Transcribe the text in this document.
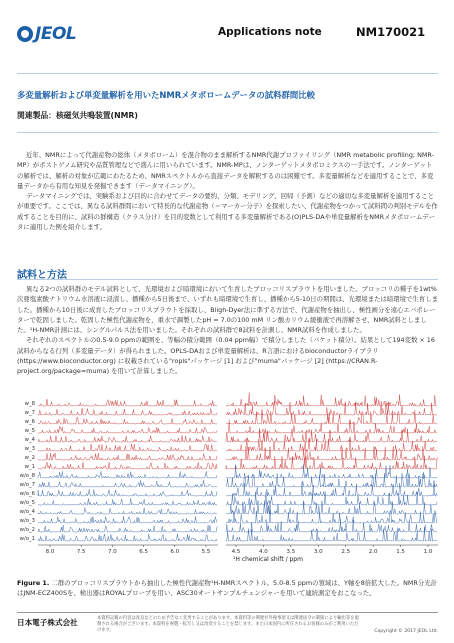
JEOL	Applications note	NM170021
多変量解析および単変量解析を用いたNMRメタボロームデータの試料群間比較
関連製品：核磁気共鳴装置(NMR)

近年、NMRによって代謝産物の総体（メタボローム）を混合物のまま解析するNMR代謝プロファイリング（NMR metabolic profiling; NMR-MP）がポストゲノム研究や品質管理などで盛んに用いられています。NMR-MPは、ノンターゲットメタボロミクスの一手法です。ノンターゲットの解析では、解析の対象が広範にわたるため、NMRスペクトルから直接データを解釈するのは困難です。多変量解析などを適用することで、多変量データから有用な知見を発掘できます（データマイニング）。

データマイニングでは、実験系および目的に合わせてデータの要約、分類、モデリング、回帰（予測）などの適切な多変量解析を適用することが重要です。ここでは、異なる試料群間において特長的な代謝産物（＝マーカー分子）を探索したい、代謝産物をつかって試料間の判別モデルを作成することを目的に、試料の群構造（クラス分け）を目的変数として利用する多変量解析である(O)PLS-DAや単変量解析をNMRメタボロームデータに適用した例を紹介します。

試料と方法

異なる2つの試料群のモデル試料として、光環境および暗環境において生育したブロッコリスプラウトを用いました。ブロッコリの種子を1wt%次亜塩素酸ナトリウム水溶液に浸漬し、播種から5日後まで、いずれも暗環境で生育し、播種から5-10日の期間は、光環境または暗環境で生育しました。播種から10日後に成育したブロッコリスプラウトを採取し、Bligh-Dyer法に準ずる方法で、代謝産物を抽出し、極性画分を遠心エバポレーターで乾固しました。乾固した極性代謝産物を、重水で調製したpH = 7.0の100 mM リン酸カリウム緩衝液で再溶解させ、NMR試料としました。¹H-NMR計測には、シングルパルス法を用いました。それぞれの試料群で8試料を計測し、NMR試料を作成しました。

それぞれのスペクトルの0.5-9.0 ppmの範囲を、等幅の積分範囲（0.04 ppm幅）で積分しました（バケット積分）。結果として194変数 × 16試料からなる行列（多変量データ）が得られました。OPLS-DAおよび単変量解析は、R言語におけるbioconductorライブラリ (https://www.bioconductor.org) に収載されている"ropls"パッケージ [1] および"muma"パッケージ [2] (https://CRAN.R-project.org/package=muma) を用いて計算しました。

w_8
w_7
w_6
w_5
w_4
w_3
w_2
w_1
w/o_8
w/o_7
w/o_6
w/o_5
w/o_4
w/o_3
w/o_2
w/o_1
8.0	7.5	7.0	6.5	6.0	5.5	4.5	4.0	3.5	3.0	2.5	2.0	1.5	1.0
¹H chemical shift / ppm
Figure 1. 二群のブロッコリスプラウトから抽出した極性代謝産物¹H-NMRスペクトル。5.0-8.5 ppmの領域は、Y軸を8倍拡大した。NMR分光計はJNM-ECZ400Sを、検出器はROYALプローブを用い、ASC30オートサンプルチェンジャーを用いて連続測定をおこなった。
日本電子株式会社	本資料記載の内容は改良などのため予告なく変更することがあります。本資料等の関連社外秘事項又は関連法令の制限により輸出等を規制される場合がございます。本資料を複製・転写し又は改変することを禁じます。また日本国内に所在されるお客様のみがご利用いただけます。	Copyright © 2017 JEOL Ltd.
